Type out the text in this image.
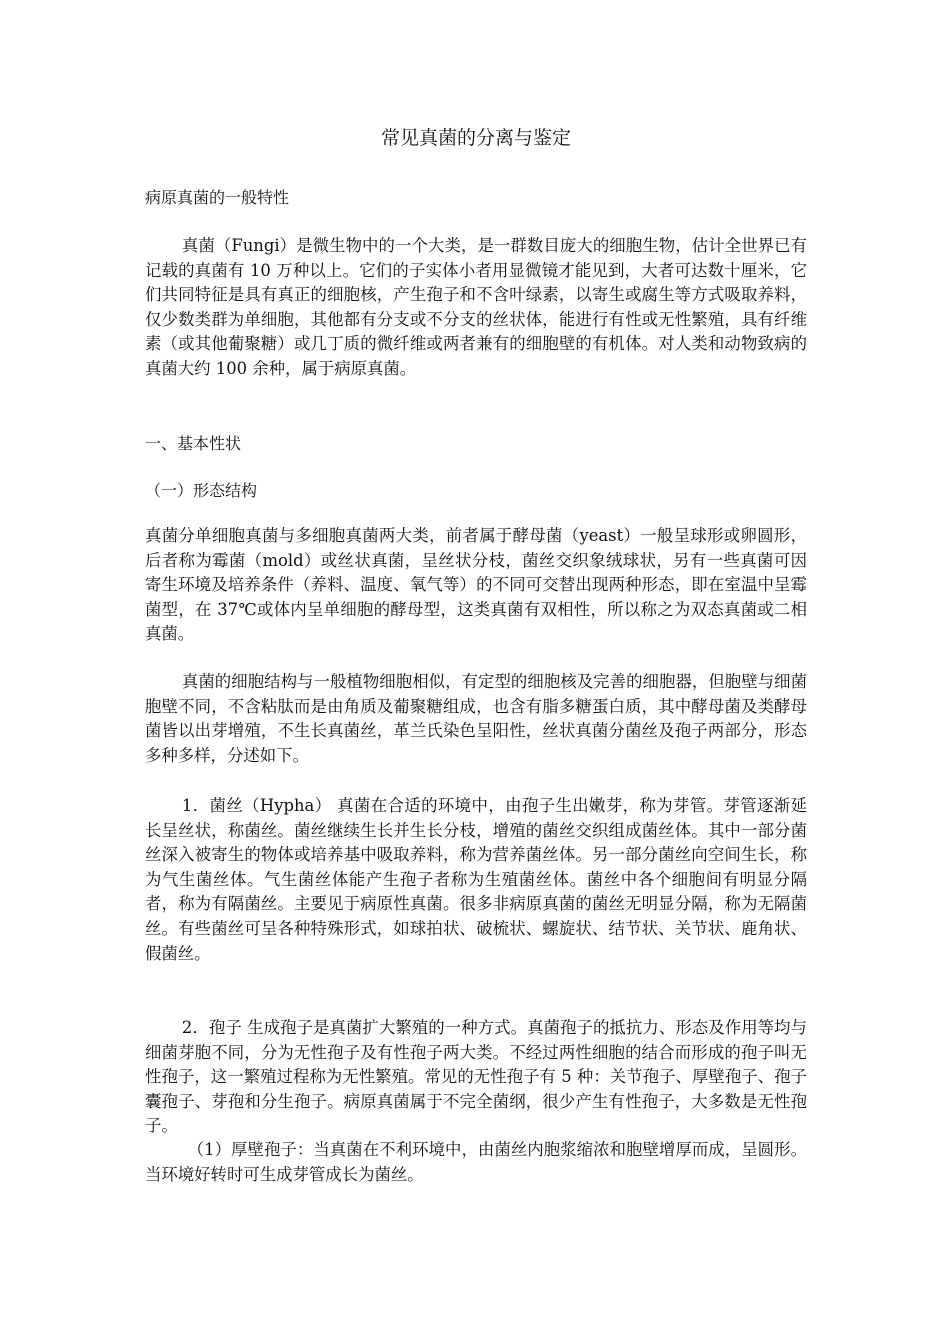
常见真菌的分离与鉴定

病原真菌的一般特性

真菌（Fungi）是微生物中的一个大类，是一群数目庞大的细胞生物，估计全世界已有记载的真菌有 10 万种以上。它们的子实体小者用显微镜才能见到，大者可达数十厘米，它们共同特征是具有真正的细胞核，产生孢子和不含叶绿素，以寄生或腐生等方式吸取养料，仅少数类群为单细胞，其他都有分支或不分支的丝状体，能进行有性或无性繁殖，具有纤维素（或其他葡聚糖）或几丁质的微纤维或两者兼有的细胞壁的有机体。对人类和动物致病的真菌大约 100 余种，属于病原真菌。

一、基本性状

（一）形态结构

真菌分单细胞真菌与多细胞真菌两大类，前者属于酵母菌（yeast）一般呈球形或卵圆形，后者称为霉菌（mold）或丝状真菌，呈丝状分枝，菌丝交织象绒球状，另有一些真菌可因寄生环境及培养条件（养料、温度、氧气等）的不同可交替出现两种形态，即在室温中呈霉菌型，在 37℃或体内呈单细胞的酵母型，这类真菌有双相性，所以称之为双态真菌或二相真菌。

真菌的细胞结构与一般植物细胞相似，有定型的细胞核及完善的细胞器，但胞壁与细菌胞壁不同，不含粘肽而是由角质及葡聚糖组成，也含有脂多糖蛋白质，其中酵母菌及类酵母菌皆以出芽增殖，不生长真菌丝，革兰氏染色呈阳性，丝状真菌分菌丝及孢子两部分，形态多种多样，分述如下。

1．菌丝（Hypha） 真菌在合适的环境中，由孢子生出嫩芽，称为芽管。芽管逐渐延长呈丝状，称菌丝。菌丝继续生长并生长分枝，增殖的菌丝交织组成菌丝体。其中一部分菌丝深入被寄生的物体或培养基中吸取养料，称为营养菌丝体。另一部分菌丝向空间生长，称为气生菌丝体。气生菌丝体能产生孢子者称为生殖菌丝体。菌丝中各个细胞间有明显分隔者，称为有隔菌丝。主要见于病原性真菌。很多非病原真菌的菌丝无明显分隔，称为无隔菌丝。有些菌丝可呈各种特殊形式，如球拍状、破梳状、螺旋状、结节状、关节状、鹿角状、假菌丝。

2．孢子 生成孢子是真菌扩大繁殖的一种方式。真菌孢子的抵抗力、形态及作用等均与细菌芽胞不同，分为无性孢子及有性孢子两大类。不经过两性细胞的结合而形成的孢子叫无性孢子，这一繁殖过程称为无性繁殖。常见的无性孢子有 5 种：关节孢子、厚壁孢子、孢子囊孢子、芽孢和分生孢子。病原真菌属于不完全菌纲，很少产生有性孢子，大多数是无性孢子。

（1）厚壁孢子：当真菌在不利环境中，由菌丝内胞浆缩浓和胞壁增厚而成，呈圆形。当环境好转时可生成芽管成长为菌丝。
